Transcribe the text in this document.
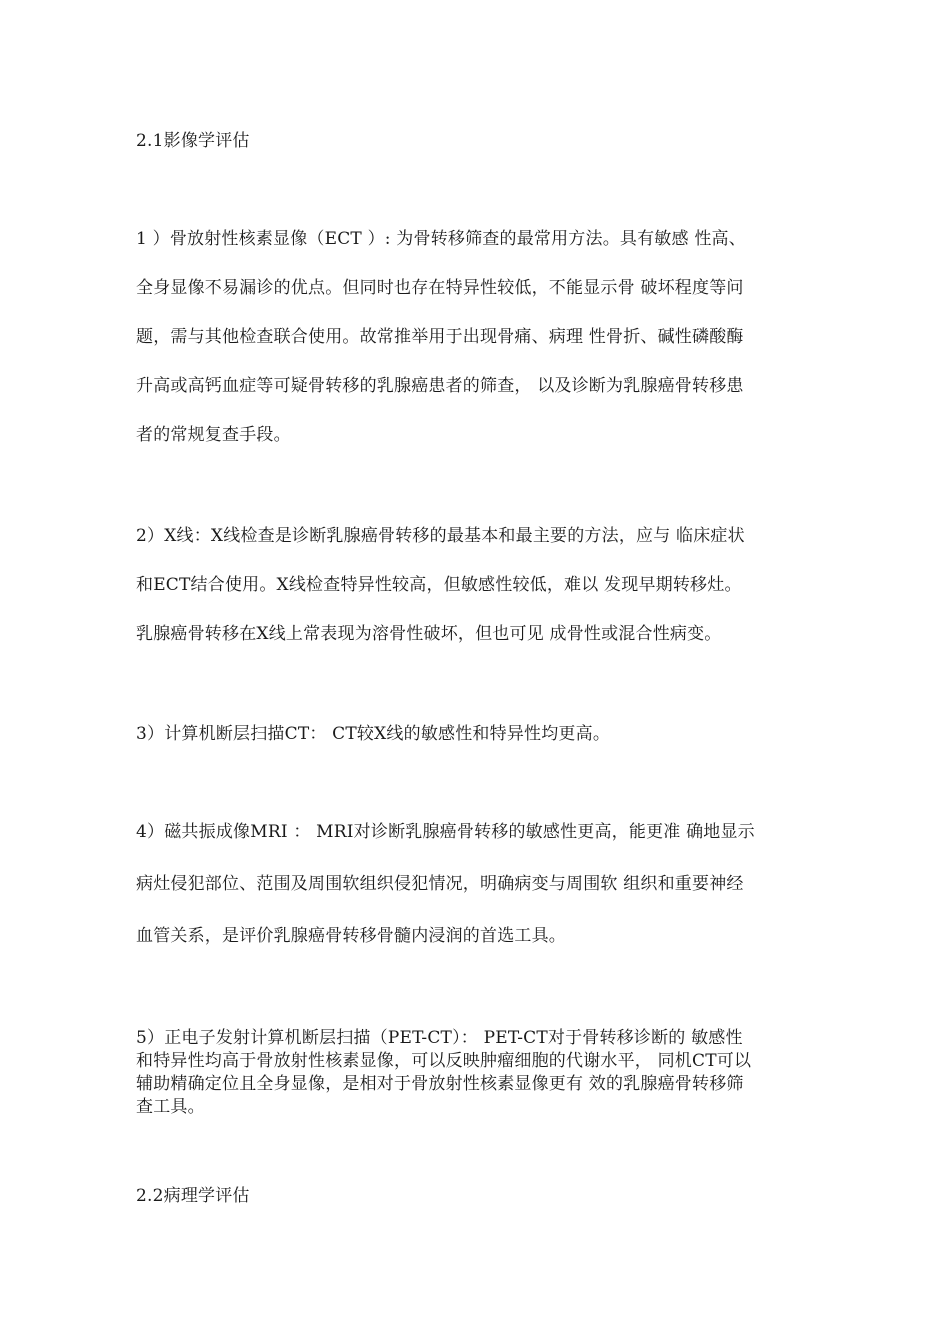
2.1影像学评估
1 ）骨放射性核素显像（ECT ）: 为骨转移筛查的最常用方法。具有敏感 性高、
全身显像不易漏诊的优点。但同时也存在特异性较低，不能显示骨 破坏程度等问
题，需与其他检查联合使用。故常推举用于出现骨痛、病理 性骨折、碱性磷酸酶
升高或高钙血症等可疑骨转移的乳腺癌患者的筛查， 以及诊断为乳腺癌骨转移患
者的常规复查手段。
2）X线：X线检查是诊断乳腺癌骨转移的最基本和最主要的方法，应与 临床症状
和ECT结合使用。X线检查特异性较高，但敏感性较低，难以 发现早期转移灶。
乳腺癌骨转移在X线上常表现为溶骨性破坏，但也可见 成骨性或混合性病变。
3）计算机断层扫描CT： CT较X线的敏感性和特异性均更高。
4）磁共振成像MRI ： MRI对诊断乳腺癌骨转移的敏感性更高，能更准 确地显示
病灶侵犯部位、范围及周围软组织侵犯情况，明确病变与周围软 组织和重要神经
血管关系，是评价乳腺癌骨转移骨髓内浸润的首选工具。
5）正电子发射计算机断层扫描（PET-CT）： PET-CT对于骨转移诊断的 敏感性
和特异性均高于骨放射性核素显像，可以反映肿瘤细胞的代谢水平， 同机CT可以
辅助精确定位且全身显像，是相对于骨放射性核素显像更有 效的乳腺癌骨转移筛
查工具。
2.2病理学评估
